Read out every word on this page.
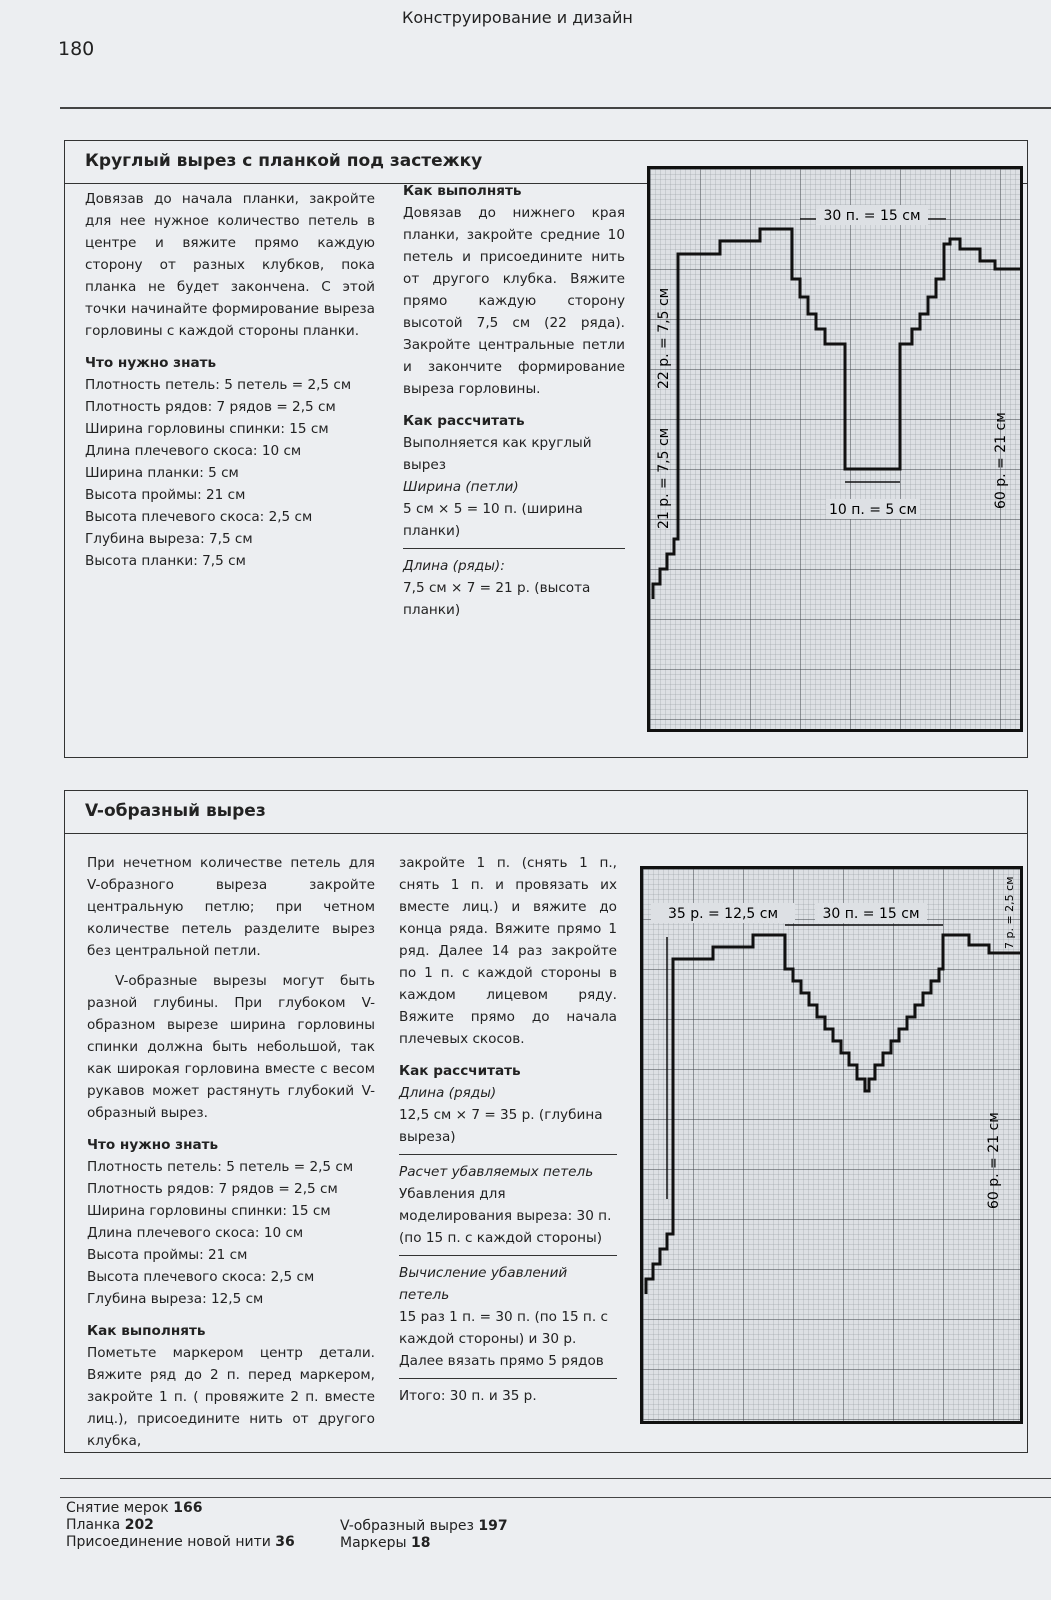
Конструирование и дизайн
180
Круглый вырез с планкой под застежку

Довязав до начала планки, закройте для нее нужное количество петель в центре и вяжите прямо каждую сторону от разных клубков, пока планка не будет закончена. С этой точки начинайте формирование выреза горловины с каждой стороны планки.

Что нужно знать
Плотность петель: 5 петель = 2,5 см
Плотность рядов: 7 рядов = 2,5 см
Ширина горловины спинки: 15 см
Длина плечевого скоса: 10 см
Ширина планки: 5 см
Высота проймы: 21 см
Высота плечевого скоса: 2,5 см
Глубина выреза: 7,5 см
Высота планки: 7,5 см
Как выполнять

Довязав до нижнего края планки, закройте средние 10 петель и присоедините нить от другого клубка. Вяжите прямо каждую сторону высотой 7,5 см (22 ряда). Закройте центральные петли и закончите формирование выреза горловины.

Как рассчитать
Выполняется как круглый вырез
Ширина (петли)
5 см × 5 = 10 п. (ширина планки)
Длина (ряды):
7,5 см × 7 = 21 р. (высота планки)
30 п. = 15 см
10 п. = 5 см
21 р. = 7,5 см
22 р. = 7,5 см
60 р. = 21 см
V-образный вырез

При нечетном количестве петель для V-образного выреза закройте центральную петлю; при четном количестве петель разделите вырез без центральной петли.

V-образные вырезы могут быть разной глубины. При глубоком V-образном вырезе ширина горловины спинки должна быть небольшой, так как широкая горловина вместе с весом рукавов может растянуть глубокий V-образный вырез.

Что нужно знать
Плотность петель: 5 петель = 2,5 см
Плотность рядов: 7 рядов = 2,5 см
Ширина горловины спинки: 15 см
Длина плечевого скоса: 10 см
Высота проймы: 21 см
Высота плечевого скоса: 2,5 см
Глубина выреза: 12,5 см
Как выполнять

Пометьте маркером центр детали. Вяжите ряд до 2 п. перед маркером, закройте 1 п. ( провяжите 2 п. вместе лиц.), присоедините нить от другого клубка,

закройте 1 п. (снять 1 п., снять 1 п. и провязать их вместе лиц.) и вяжите до конца ряда. Вяжите прямо 1 ряд. Далее 14 раз закройте по 1 п. с каждой стороны в каждом лицевом ряду. Вяжите прямо до начала плечевых скосов.

Как рассчитать
Длина (ряды)
12,5 см × 7 = 35 р. (глубина выреза)
Расчет убавляемых петель
Убавления для моделирования выреза: 30 п. (по 15 п. с каждой стороны)
Вычисление убавлений петель
15 раз 1 п. = 30 п. (по 15 п. с каждой стороны) и 30 р. Далее вязать прямо 5 рядов
Итого: 30 п. и 35 р.
35 р. = 12,5 см	30 п. = 15 см
60 р. = 21 см
7 р. = 2,5 см
Снятие мерок 166
Планка 202
Присоединение новой нити 36
V-образный вырез 197
Маркеры 18
